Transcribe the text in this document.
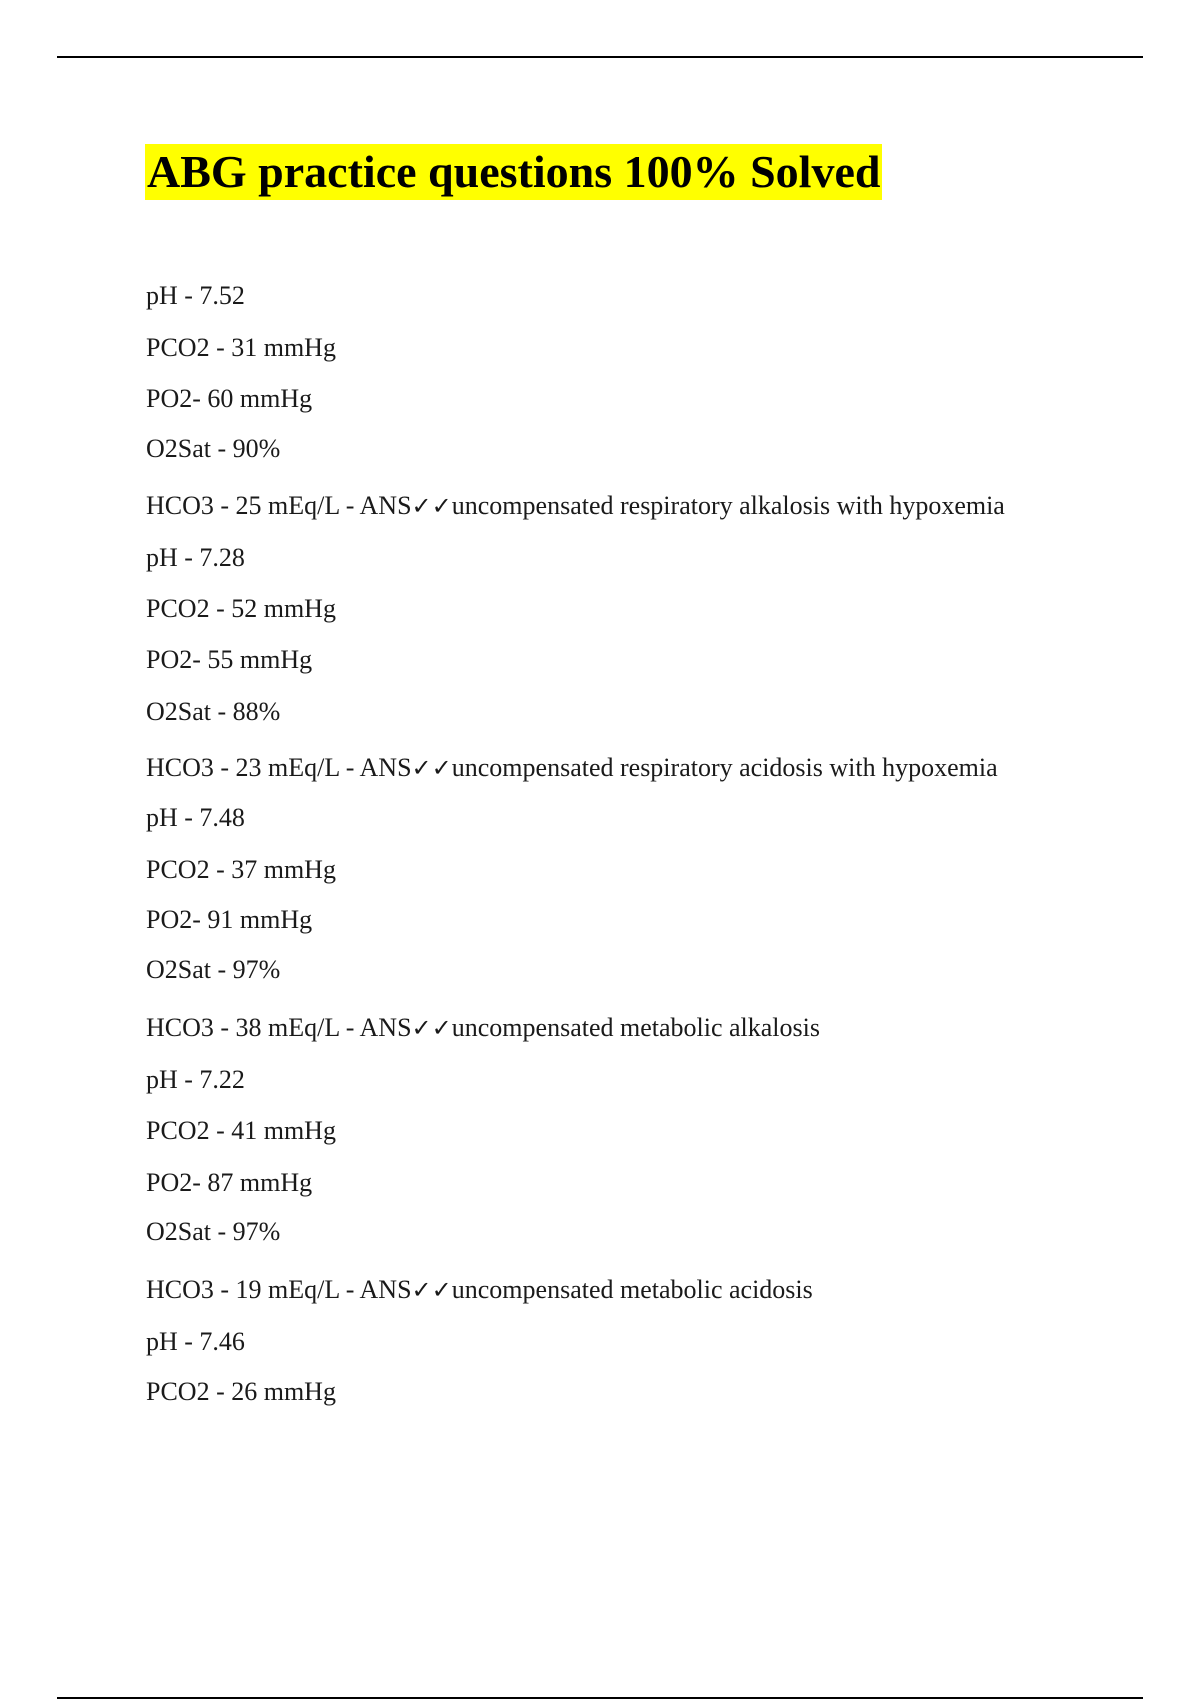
ABG practice questions 100% Solved
pH - 7.52
PCO2 - 31 mmHg
PO2- 60 mmHg
O2Sat - 90%
HCO3 - 25 mEq/L - ANS✓✓uncompensated respiratory alkalosis with hypoxemia
pH - 7.28
PCO2 - 52 mmHg
PO2- 55 mmHg
O2Sat - 88%
HCO3 - 23 mEq/L - ANS✓✓uncompensated respiratory acidosis with hypoxemia
pH - 7.48
PCO2 - 37 mmHg
PO2- 91 mmHg
O2Sat - 97%
HCO3 - 38 mEq/L - ANS✓✓uncompensated metabolic alkalosis
pH - 7.22
PCO2 - 41 mmHg
PO2- 87 mmHg
O2Sat - 97%
HCO3 - 19 mEq/L - ANS✓✓uncompensated metabolic acidosis
pH - 7.46
PCO2 - 26 mmHg
